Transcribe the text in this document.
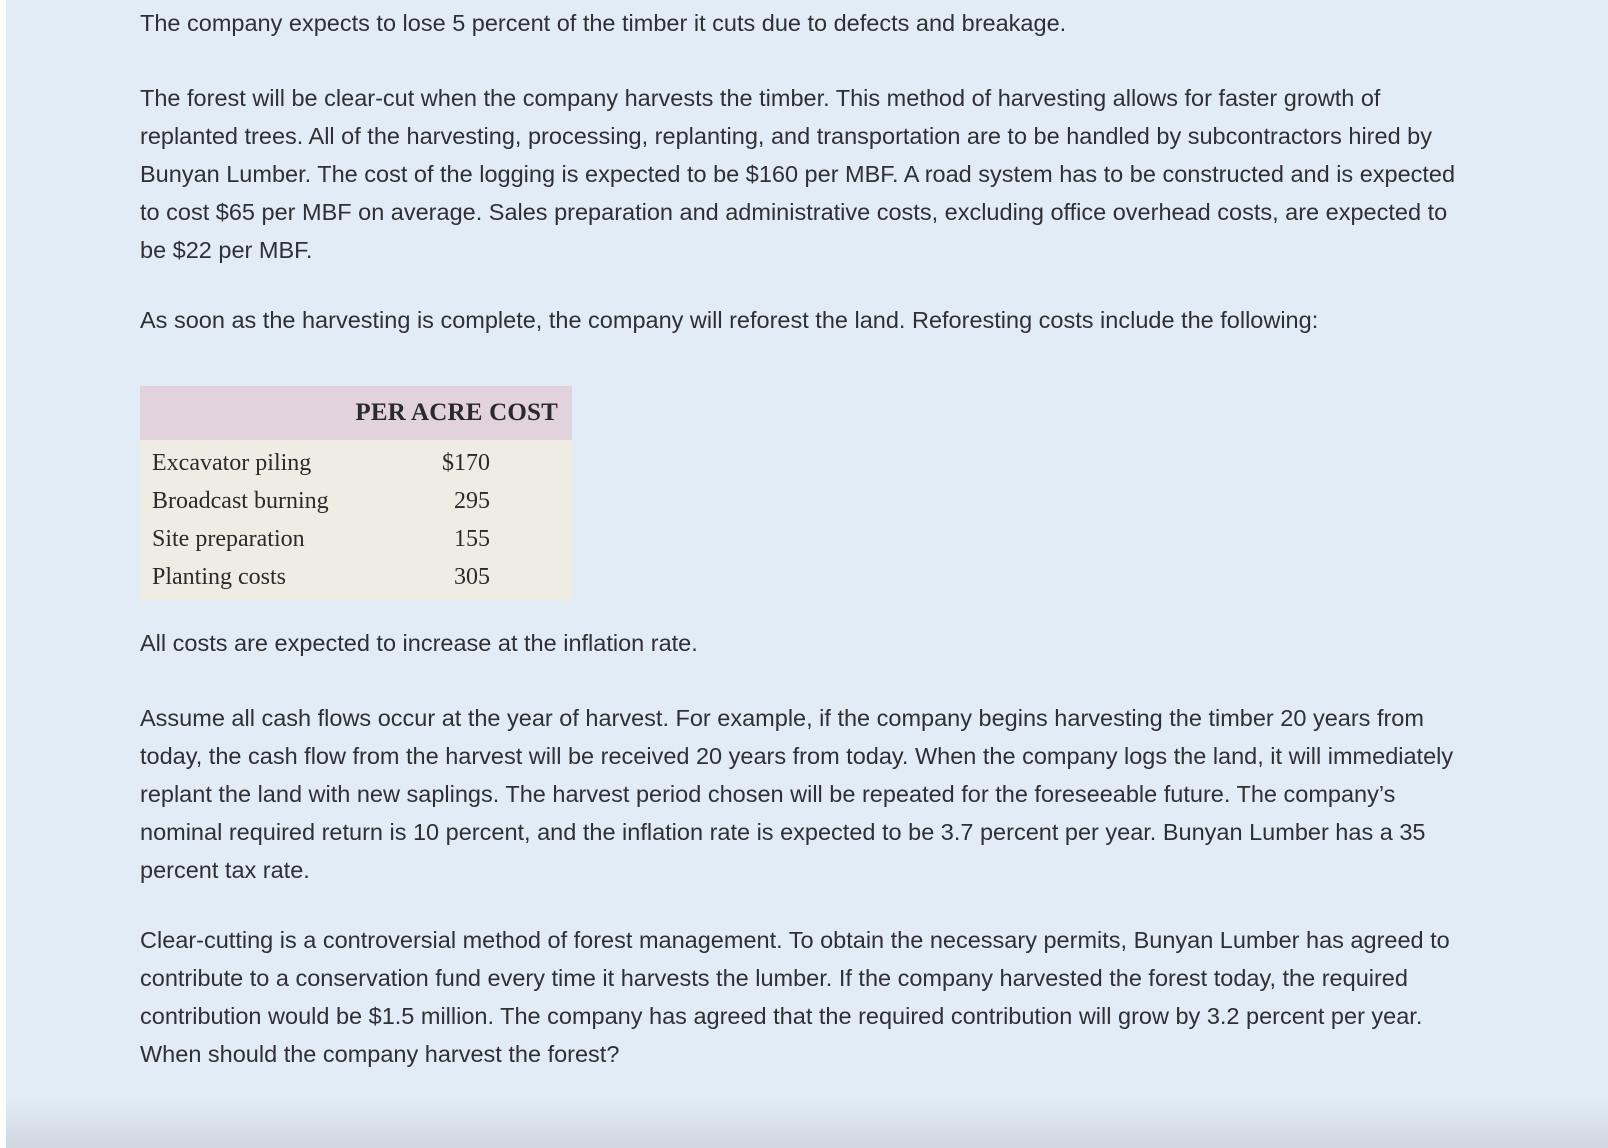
The company expects to lose 5 percent of the timber it cuts due to defects and breakage.

The forest will be clear-cut when the company harvests the timber. This method of harvesting allows for faster growth of replanted trees. All of the harvesting, processing, replanting, and transportation are to be handled by subcontractors hired by Bunyan Lumber. The cost of the logging is expected to be $160 per MBF. A road system has to be constructed and is expected to cost $65 per MBF on average. Sales preparation and administrative costs, excluding office overhead costs, are expected to be $22 per MBF.

As soon as the harvesting is complete, the company will reforest the land. Reforesting costs include the following:

PER ACRE COST	
Excavator piling	$170
Broadcast burning	295
Site preparation	155
Planting costs	305

All costs are expected to increase at the inflation rate.

Assume all cash flows occur at the year of harvest. For example, if the company begins harvesting the timber 20 years from today, the cash flow from the harvest will be received 20 years from today. When the company logs the land, it will immediately replant the land with new saplings. The harvest period chosen will be repeated for the foreseeable future. The company’s nominal required return is 10 percent, and the inflation rate is expected to be 3.7 percent per year. Bunyan Lumber has a 35 percent tax rate.

Clear-cutting is a controversial method of forest management. To obtain the necessary permits, Bunyan Lumber has agreed to contribute to a conservation fund every time it harvests the lumber. If the company harvested the forest today, the required contribution would be $1.5 million. The company has agreed that the required contribution will grow by 3.2 percent per year. When should the company harvest the forest?
